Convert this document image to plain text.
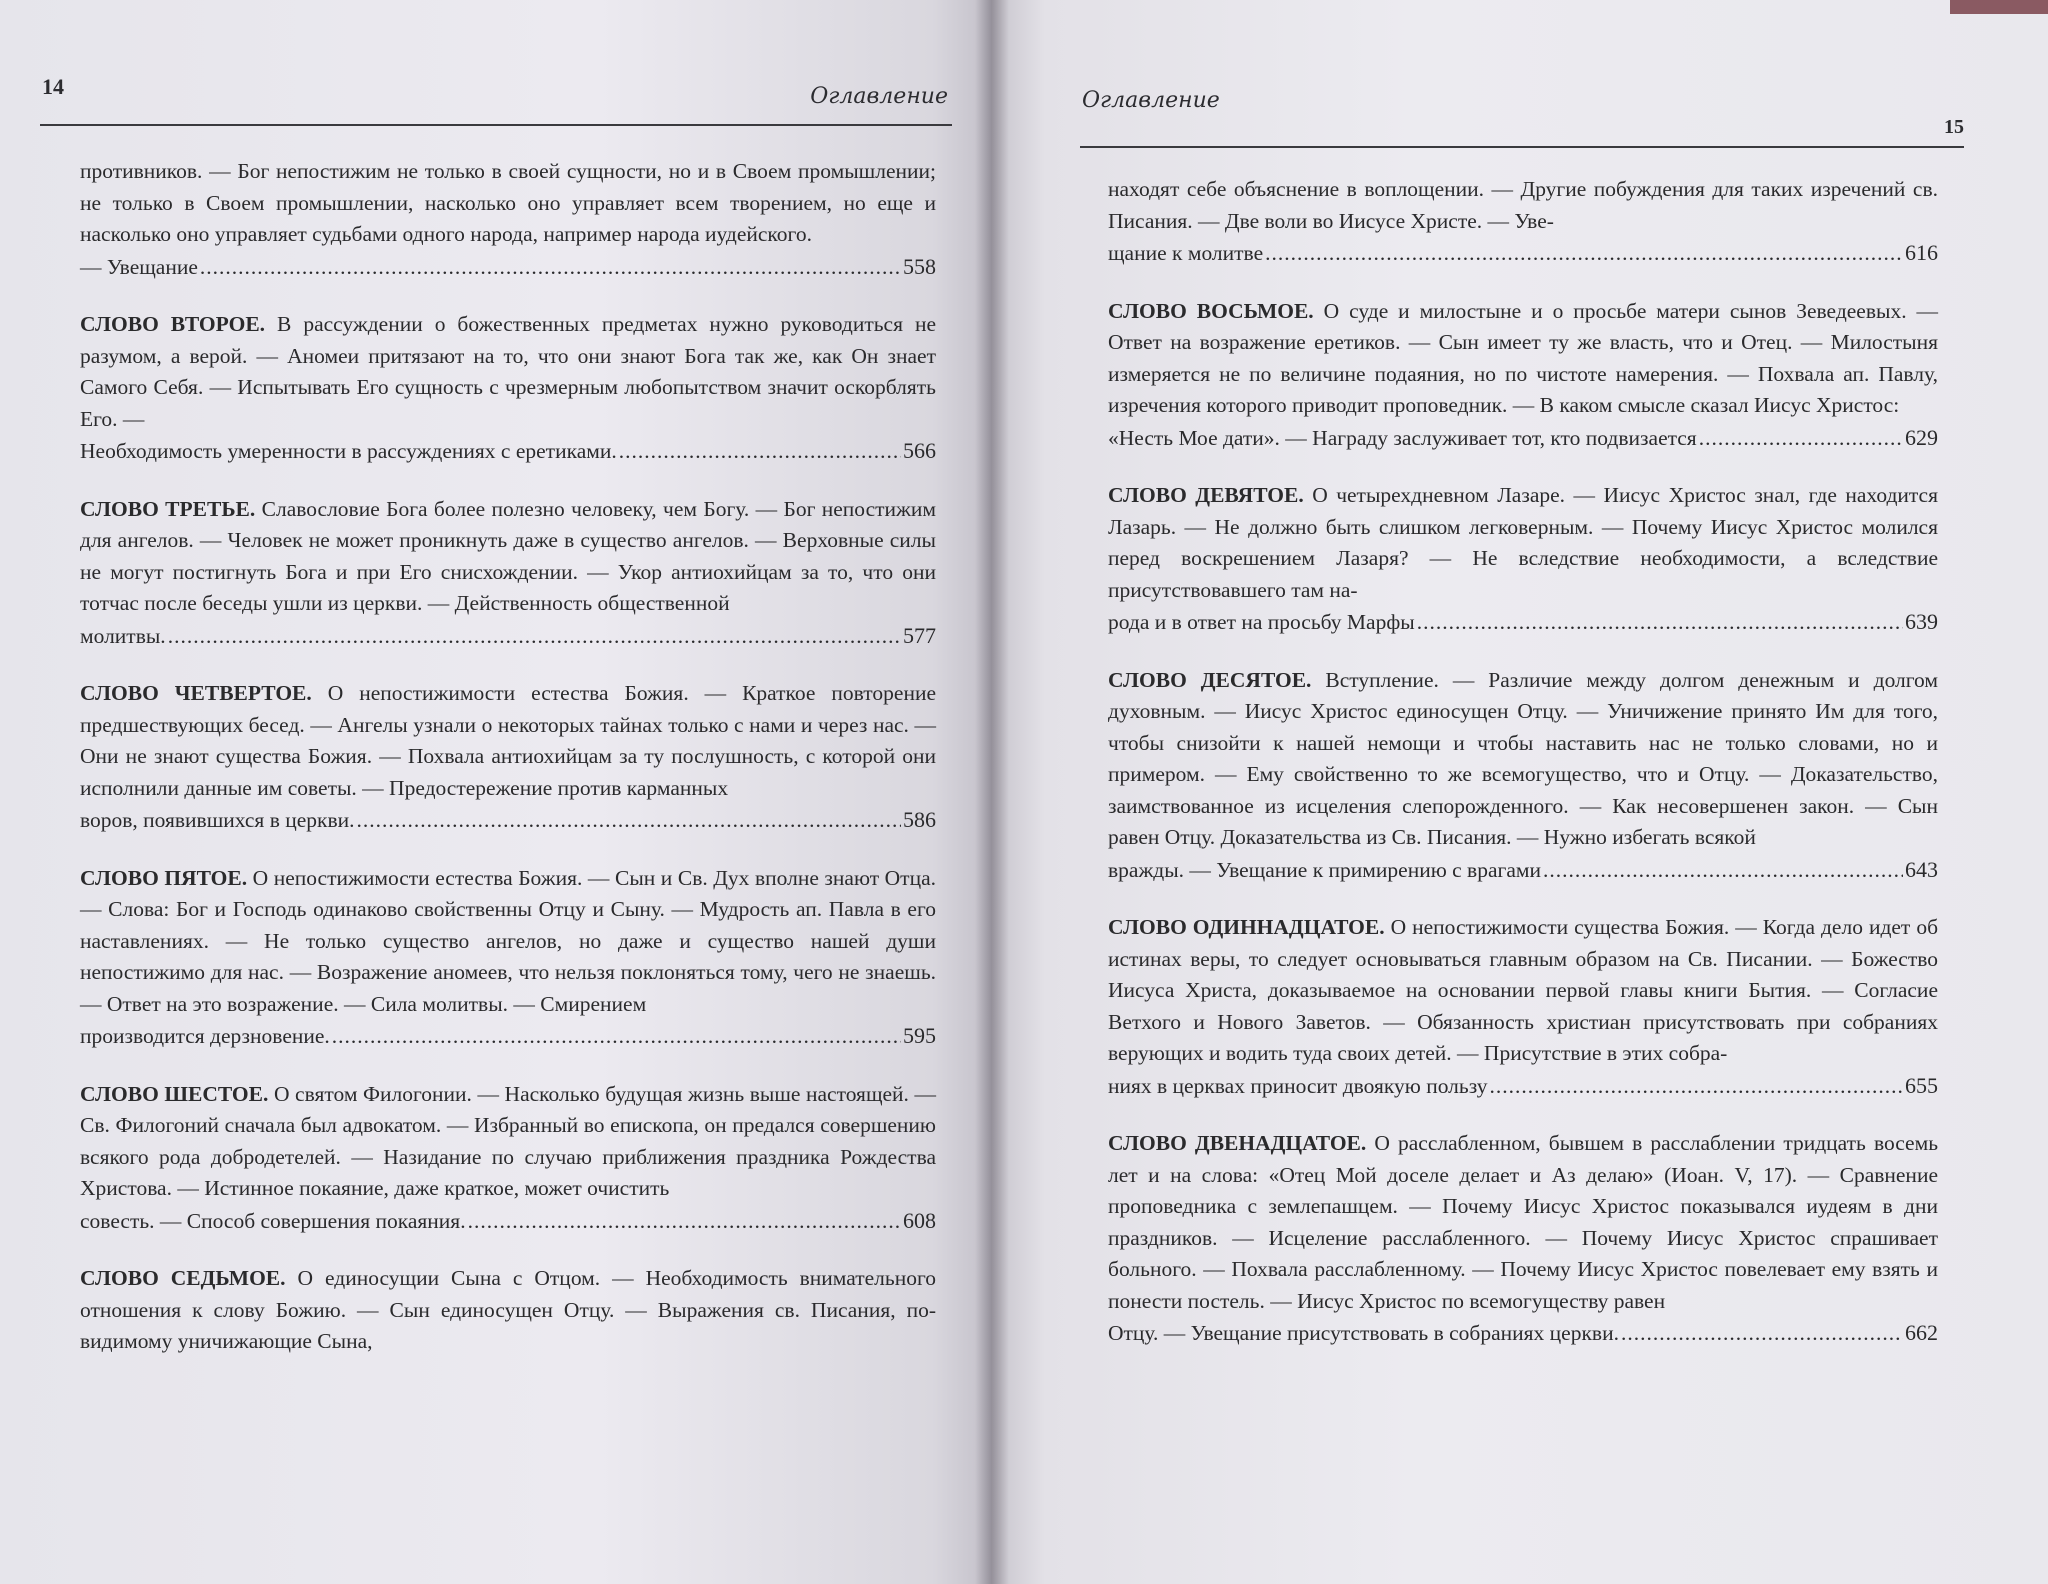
14	Оглавление
противников. — Бог непостижим не только в своей сущности, но и в Своем промышлении; не только в Своем промышлении, насколько оно управляет всем творением, но еще и насколько оно управляет судьбами одного народа, например народа иудейского.
— Увещание .....	558
СЛОВО ВТОРОЕ. В рассуждении о божественных предметах нужно руководиться не разумом, а верой. — Аномеи притязают на то, что они знают Бога так же, как Он знает Самого Себя. — Испытывать Его сущность с чрезмерным любопытством значит оскорблять Его. —
Необходимость умеренности в рассуждениях с еретиками. .....	566
СЛОВО ТРЕТЬЕ. Славословие Бога более полезно человеку, чем Богу. — Бог непостижим для ангелов. — Человек не может проникнуть даже в существо ангелов. — Верховные силы не могут постигнуть Бога и при Его снисхождении. — Укор антиохийцам за то, что они тотчас после беседы ушли из церкви. — Действенность общественной
молитвы. .....	577
СЛОВО ЧЕТВЕРТОЕ. О непостижимости естества Божия. — Краткое повторение предшествующих бесед. — Ангелы узнали о некоторых тайнах только с нами и через нас. — Они не знают существа Божия. — Похвала антиохийцам за ту послушность, с которой они исполнили данные им советы. — Предостережение против карманных
воров, появившихся в церкви. .....	586
СЛОВО ПЯТОЕ. О непостижимости естества Божия. — Сын и Св. Дух вполне знают Отца. — Слова: Бог и Господь одинаково свойственны Отцу и Сыну. — Мудрость ап. Павла в его наставлениях. — Не только существо ангелов, но даже и существо нашей души непостижимо для нас. — Возражение аномеев, что нельзя поклоняться тому, чего не знаешь. — Ответ на это возражение. — Сила молитвы. — Смирением
производится дерзновение. .....	595
СЛОВО ШЕСТОЕ. О святом Филогонии. — Насколько будущая жизнь выше настоящей. — Св. Филогоний сначала был адвокатом. — Избранный во епископа, он предался совершению всякого рода добродетелей. — Назидание по случаю приближения праздника Рождества Христова. — Истинное покаяние, даже краткое, может очистить
совесть. — Способ совершения покаяния. .....	608
СЛОВО СЕДЬМОЕ. О единосущии Сына с Отцом. — Необходимость внимательного отношения к слову Божию. — Сын единосущен Отцу. — Выражения св. Писания, по-видимому уничижающие Сына,
Оглавление
15
находят себе объяснение в воплощении. — Другие побуждения для таких изречений св. Писания. — Две воли во Иисусе Христе. — Уве-
щание к молитве .....	616
СЛОВО ВОСЬМОЕ. О суде и милостыне и о просьбе матери сынов Зеведеевых. — Ответ на возражение еретиков. — Сын имеет ту же власть, что и Отец. — Милостыня измеряется не по величине подаяния, но по чистоте намерения. — Похвала ап. Павлу, изречения которого приводит проповедник. — В каком смысле сказал Иисус Христос:
«Несть Мое дати». — Награду заслуживает тот, кто подвизается .....	629
СЛОВО ДЕВЯТОЕ. О четырехдневном Лазаре. — Иисус Христос знал, где находится Лазарь. — Не должно быть слишком легковерным. — Почему Иисус Христос молился перед воскрешением Лазаря? — Не вследствие необходимости, а вследствие присутствовавшего там на-
рода и в ответ на просьбу Марфы .....	639
СЛОВО ДЕСЯТОЕ. Вступление. — Различие между долгом денежным и долгом духовным. — Иисус Христос единосущен Отцу. — Уничижение принято Им для того, чтобы снизойти к нашей немощи и чтобы наставить нас не только словами, но и примером. — Ему свойственно то же всемогущество, что и Отцу. — Доказательство, заимствованное из исцеления слепорожденного. — Как несовершенен закон. — Сын равен Отцу. Доказательства из Св. Писания. — Нужно избегать всякой
вражды. — Увещание к примирению с врагами .....	643
СЛОВО ОДИННАДЦАТОЕ. О непостижимости существа Божия. — Когда дело идет об истинах веры, то следует основываться главным образом на Св. Писании. — Божество Иисуса Христа, доказываемое на основании первой главы книги Бытия. — Согласие Ветхого и Нового Заветов. — Обязанность христиан присутствовать при собраниях верующих и водить туда своих детей. — Присутствие в этих собра-
ниях в церквах приносит двоякую пользу .....	655
СЛОВО ДВЕНАДЦАТОЕ. О расслабленном, бывшем в расслаблении тридцать восемь лет и на слова: «Отец Мой доселе делает и Аз делаю» (Иоан. V, 17). — Сравнение проповедника с землепашцем. — Почему Иисус Христос показывался иудеям в дни праздников. — Исцеление расслабленного. — Почему Иисус Христос спрашивает больного. — Похвала расслабленному. — Почему Иисус Христос повелевает ему взять и понести постель. — Иисус Христос по всемогуществу равен
Отцу. — Увещание присутствовать в собраниях церкви. .....	662
